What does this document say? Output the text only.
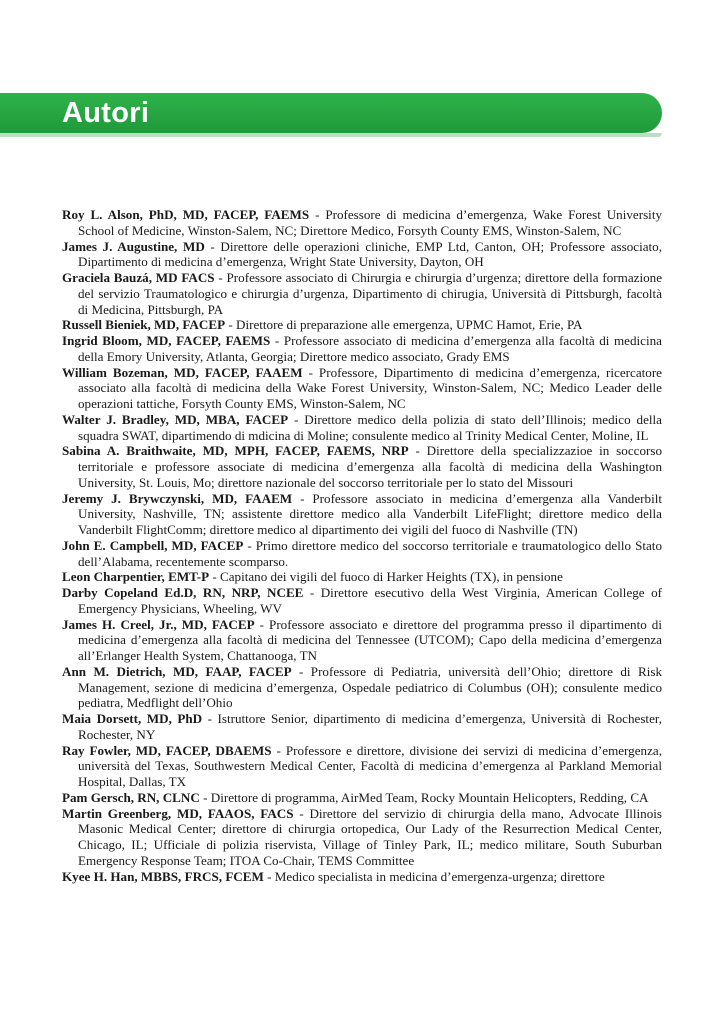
Autori
Roy L. Alson, PhD, MD, FACEP, FAEMS - Professore di medicina d’emergenza, Wake Forest University School of Medicine, Winston-Salem, NC; Direttore Medico, Forsyth County EMS, Winston-Salem, NC
James J. Augustine, MD - Direttore delle operazioni cliniche, EMP Ltd, Canton, OH; Professore associato, Dipartimento di medicina d’emergenza, Wright State University, Dayton, OH
Graciela Bauzá, MD FACS - Professore associato di Chirurgia e chirurgia d’urgenza; direttore della formazione del servizio Traumatologico e chirurgia d’urgenza, Dipartimento di chirugia, Università di Pittsburgh, facoltà di Medicina, Pittsburgh, PA
Russell Bieniek, MD, FACEP - Direttore di preparazione alle emergenza, UPMC Hamot, Erie, PA
Ingrid Bloom, MD, FACEP, FAEMS - Professore associato di medicina d’emergenza alla facoltà di medicina della Emory University, Atlanta, Georgia; Direttore medico associato, Grady EMS
William Bozeman, MD, FACEP, FAAEM - Professore, Dipartimento di medicina d’emergenza, ricercatore associato alla facoltà di medicina della Wake Forest University, Winston-Salem, NC; Medico Leader delle operazioni tattiche, Forsyth County EMS, Winston-Salem, NC
Walter J. Bradley, MD, MBA, FACEP - Direttore medico della polizia di stato dell’Illinois; medico della squadra SWAT, dipartimendo di mdicina di Moline; consulente medico al Trinity Medical Center, Moline, IL
Sabina A. Braithwaite, MD, MPH, FACEP, FAEMS, NRP - Direttore della specializzazioe in soccorso territoriale e professore associate di medicina d’emergenza alla facoltà di medicina della Washington University, St. Louis, Mo; direttore nazionale del soccorso territoriale per lo stato del Missouri
Jeremy J. Brywczynski, MD, FAAEM - Professore associato in medicina d’emergenza alla Vanderbilt University, Nashville, TN; assistente direttore medico alla Vanderbilt LifeFlight; direttore medico della Vanderbilt FlightComm; direttore medico al dipartimento dei vigili del fuoco di Nashville (TN)
John E. Campbell, MD, FACEP - Primo direttore medico del soccorso territoriale e traumatologico dello Stato dell’Alabama, recentemente scomparso.
Leon Charpentier, EMT-P - Capitano dei vigili del fuoco di Harker Heights (TX), in pensione
Darby Copeland Ed.D, RN, NRP, NCEE - Direttore esecutivo della West Virginia, American College of Emergency Physicians, Wheeling, WV
James H. Creel, Jr., MD, FACEP - Professore associato e direttore del programma presso il dipartimento di medicina d’emergenza alla facoltà di medicina del Tennessee (UTCOM); Capo della medicina d’emergenza all’Erlanger Health System, Chattanooga, TN
Ann M. Dietrich, MD, FAAP, FACEP - Professore di Pediatria, università dell’Ohio; direttore di Risk Management, sezione di medicina d’emergenza, Ospedale pediatrico di Columbus (OH); consulente medico pediatra, Medflight dell’Ohio
Maia Dorsett, MD, PhD - Istruttore Senior, dipartimento di medicina d’emergenza, Università di Rochester, Rochester, NY
Ray Fowler, MD, FACEP, DBAEMS - Professore e direttore, divisione dei servizi di medicina d’emergenza, università del Texas, Southwestern Medical Center, Facoltà di medicina d’emergenza al Parkland Memorial Hospital, Dallas, TX
Pam Gersch, RN, CLNC - Direttore di programma, AirMed Team, Rocky Mountain Helicopters, Redding, CA
Martin Greenberg, MD, FAAOS, FACS - Direttore del servizio di chirurgia della mano, Advocate Illinois Masonic Medical Center; direttore di chirurgia ortopedica, Our Lady of the Resurrection Medical Center, Chicago, IL; Ufficiale di polizia riservista, Village of Tinley Park, IL; medico militare, South Suburban Emergency Response Team; ITOA Co-Chair, TEMS Committee
Kyee H. Han, MBBS, FRCS, FCEM - Medico specialista in medicina d’emergenza-urgenza; direttore
